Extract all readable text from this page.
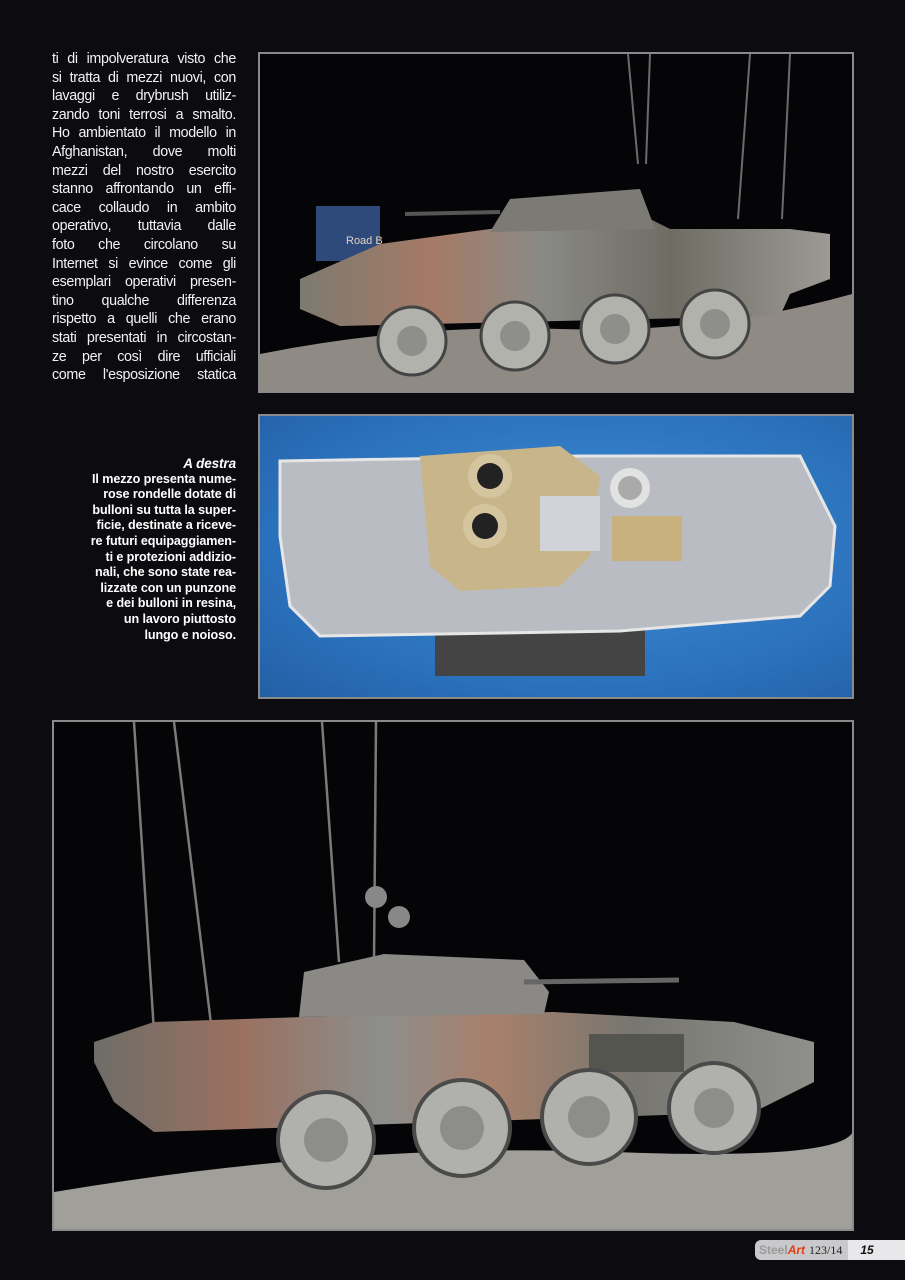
ti di impolveratura visto che
si tratta di mezzi nuovi, con
lavaggi e drybrush utiliz-
zando toni terrosi a smalto.
Ho ambientato il modello in
Afghanistan, dove molti
mezzi del nostro esercito
stanno affrontando un effi-
cace collaudo in ambito
operativo, tuttavia dalle
foto che circolano su
Internet si evince come gli
esemplari operativi presen-
tino qualche differenza
rispetto a quelli che erano
stati presentati in circostan-
ze per così dire ufficiali
come l'esposizione statica
A destra
Il mezzo presenta nume-
rose rondelle dotate di
bulloni su tutta la super-
ficie, destinate a riceve-
re futuri equipaggiamen-
ti e protezioni addizio-
nali, che sono state rea-
lizzate con un punzone
e dei bulloni in resina,
un lavoro piuttosto
lungo e noioso.
Road B
SteelArt 123/14	15
